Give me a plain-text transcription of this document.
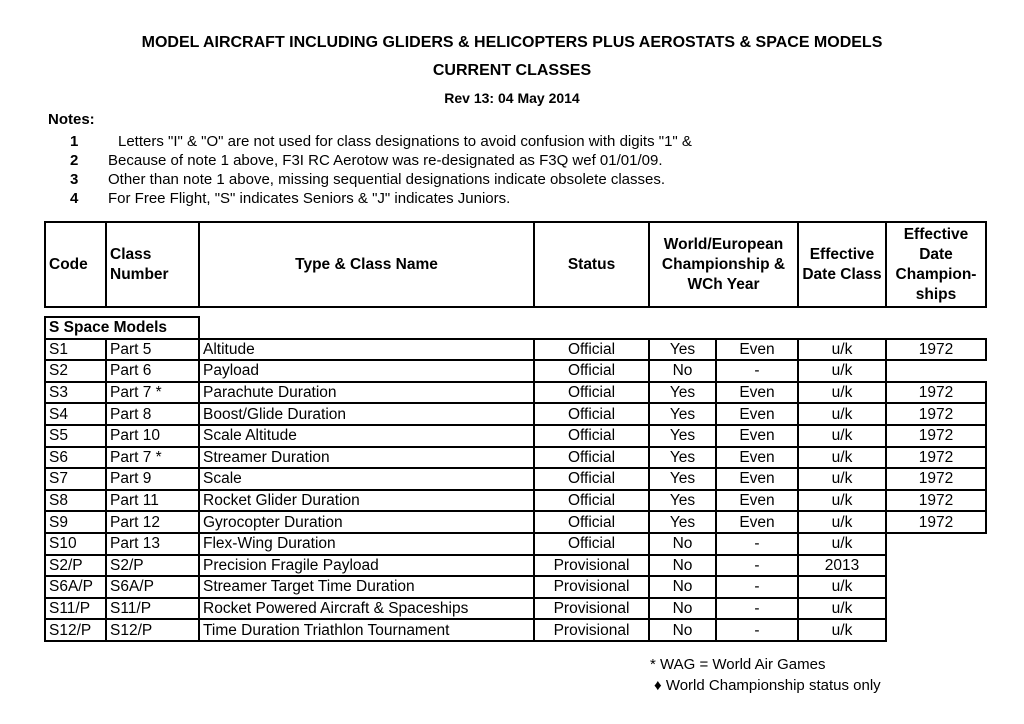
MODEL AIRCRAFT INCLUDING GLIDERS & HELICOPTERS PLUS AEROSTATS & SPACE MODELS
CURRENT CLASSES
Rev 13: 04 May 2014
Notes:
1	Letters "I" & "O" are not used for class designations to avoid confusion with digits "1" &
2 Because of note 1 above, F3I RC Aerotow was re-designated as F3Q wef 01/01/09.
3 Other than note 1 above, missing sequential designations indicate obsolete classes.
4 For Free Flight, "S" indicates Seniors & "J" indicates Juniors.
Code	Class Number	Type & Class Name	Status	World/European Championship & WCh Year		Effective Date Class	Effective Date Champion-ships

S Space Models							
S1	Part 5	Altitude	Official	Yes	Even	u/k	1972
S2	Part 6	Payload	Official	No	-	u/k	
S3	Part 7 *	Parachute Duration	Official	Yes	Even	u/k	1972
S4	Part 8	Boost/Glide Duration	Official	Yes	Even	u/k	1972
S5	Part 10	Scale Altitude	Official	Yes	Even	u/k	1972
S6	Part 7 *	Streamer Duration	Official	Yes	Even	u/k	1972
S7	Part 9	Scale	Official	Yes	Even	u/k	1972
S8	Part 11	Rocket Glider Duration	Official	Yes	Even	u/k	1972
S9	Part 12	Gyrocopter Duration	Official	Yes	Even	u/k	1972
S10	Part 13	Flex-Wing Duration	Official	No	-	u/k	
S2/P	S2/P	Precision Fragile Payload	Provisional	No	-	2013	
S6A/P	S6A/P	Streamer Target Time Duration	Provisional	No	-	u/k	
S11/P	S11/P	Rocket Powered Aircraft & Spaceships	Provisional	No	-	u/k	
S12/P	S12/P	Time Duration Triathlon Tournament	Provisional	No	-	u/k	
* WAG = World Air Games
♦ World Championship status only
